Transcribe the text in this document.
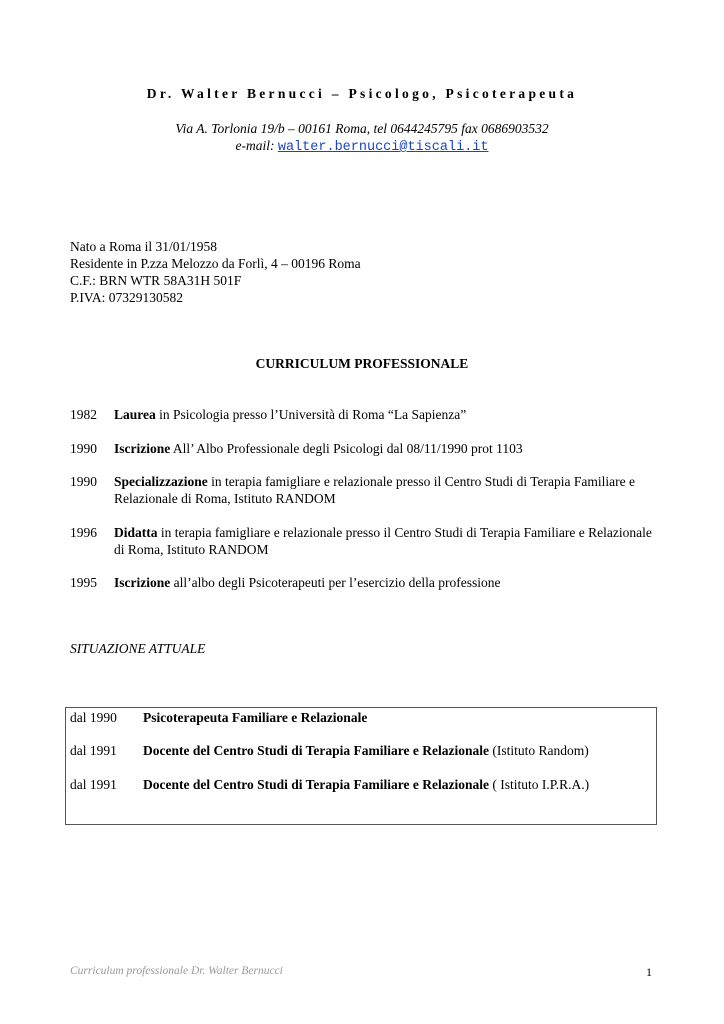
Dr. Walter Bernucci – Psicologo, Psicoterapeuta
Via A. Torlonia 19/b – 00161 Roma, tel 0644245795 fax 0686903532
e-mail: walter.bernucci@tiscali.it
Nato a Roma il 31/01/1958
Residente in P.zza Melozzo da Forlì, 4 – 00196 Roma
C.F.: BRN WTR 58A31H 501F
P.IVA: 07329130582
CURRICULUM PROFESSIONALE
1982 Laurea in Psicologia presso l’Università di Roma “La Sapienza”
1990 Iscrizione All’ Albo Professionale degli Psicologi dal 08/11/1990 prot 1103
1990 Specializzazione in terapia famigliare e relazionale presso il Centro Studi di Terapia Familiare e Relazionale di Roma, Istituto RANDOM
1996 Didatta in terapia famigliare e relazionale presso il Centro Studi di Terapia Familiare e Relazionale di Roma, Istituto RANDOM
1995 Iscrizione all’albo degli Psicoterapeuti per l’esercizio della professione
SITUAZIONE ATTUALE
dal 1990 Psicoterapeuta Familiare e Relazionale
dal 1991 Docente del Centro Studi di Terapia Familiare e Relazionale (Istituto Random)
dal 1991 Docente del Centro Studi di Terapia Familiare e Relazionale ( Istituto I.P.R.A.)
Curriculum professionale Dr. Walter Bernucci	1
